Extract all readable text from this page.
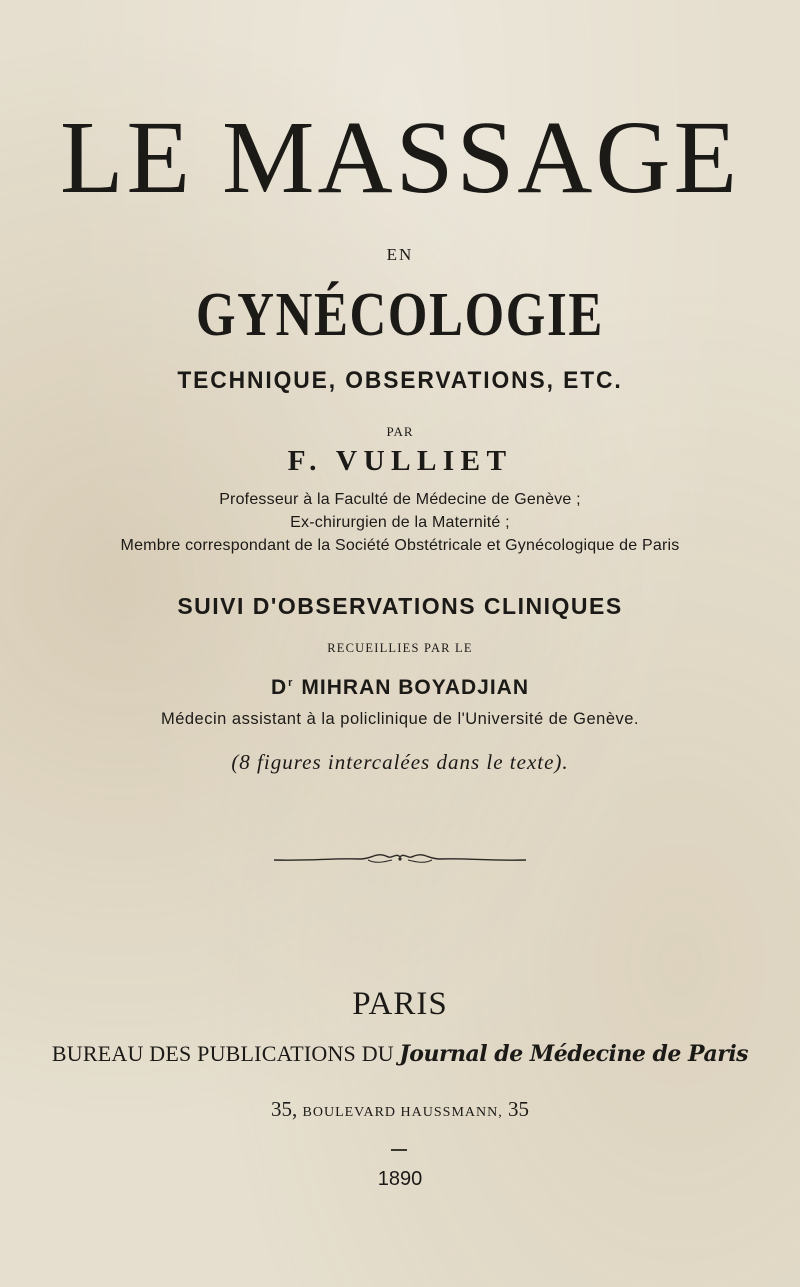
LE MASSAGE
EN
GYNÉCOLOGIE
TECHNIQUE, OBSERVATIONS, ETC.
PAR
F. VULLIET
Professeur à la Faculté de Médecine de Genève ;
Ex-chirurgien de la Maternité ;
Membre correspondant de la Société Obstétricale et Gynécologique de Paris
SUIVI D'OBSERVATIONS CLINIQUES
RECUEILLIES PAR LE
$D^r$ MIHRAN BOYADJIAN
Médecin assistant à la policlinique de l'Université de Genève.
(8 figures intercalées dans le texte).
PARIS
BUREAU DES PUBLICATIONS DU Journal de Médecine de Paris
35, BOULEVARD HAUSSMANN, 35
1890
